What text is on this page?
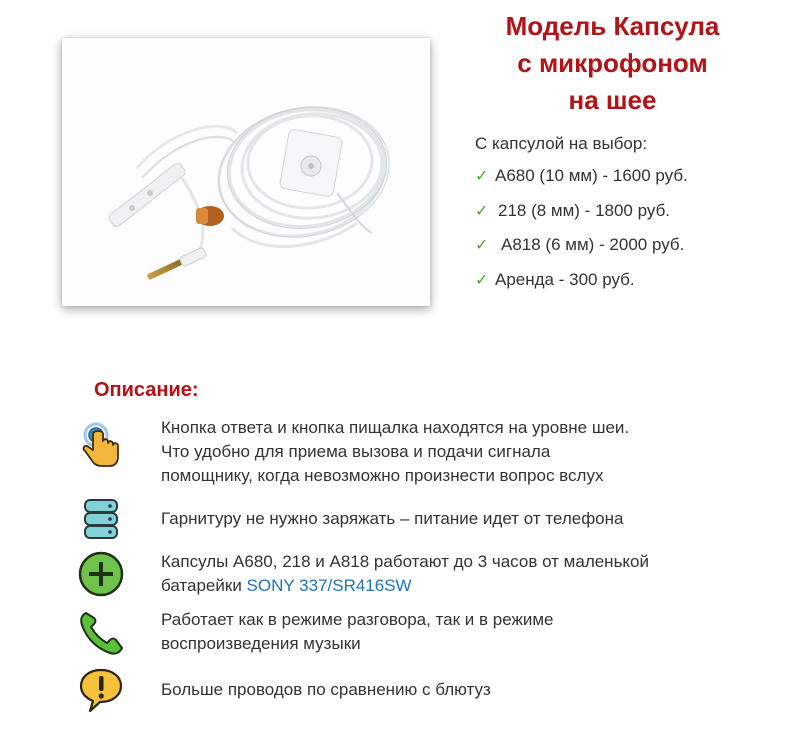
Модель Капсула
с микрофоном
на шее
С капсулой на выбор:
✓ А680 (10 мм) - 1600 руб.
✓ 218 (8 мм) - 1800 руб.
✓ А818 (6 мм) - 2000 руб.
✓ Аренда - 300 руб.
Описание:
Кнопка ответа и кнопка пищалка находятся на уровне шеи.
Что удобно для приема вызова и подачи сигнала
помощнику, когда невозможно произнести вопрос вслух
Гарнитуру не нужно заряжать – питание идет от телефона
Капсулы А680, 218 и А818 работают до 3 часов от маленькой
батарейки SONY 337/SR416SW
Работает как в режиме разговора, так и в режиме
воспроизведения музыки
Больше проводов по сравнению с блютуз
